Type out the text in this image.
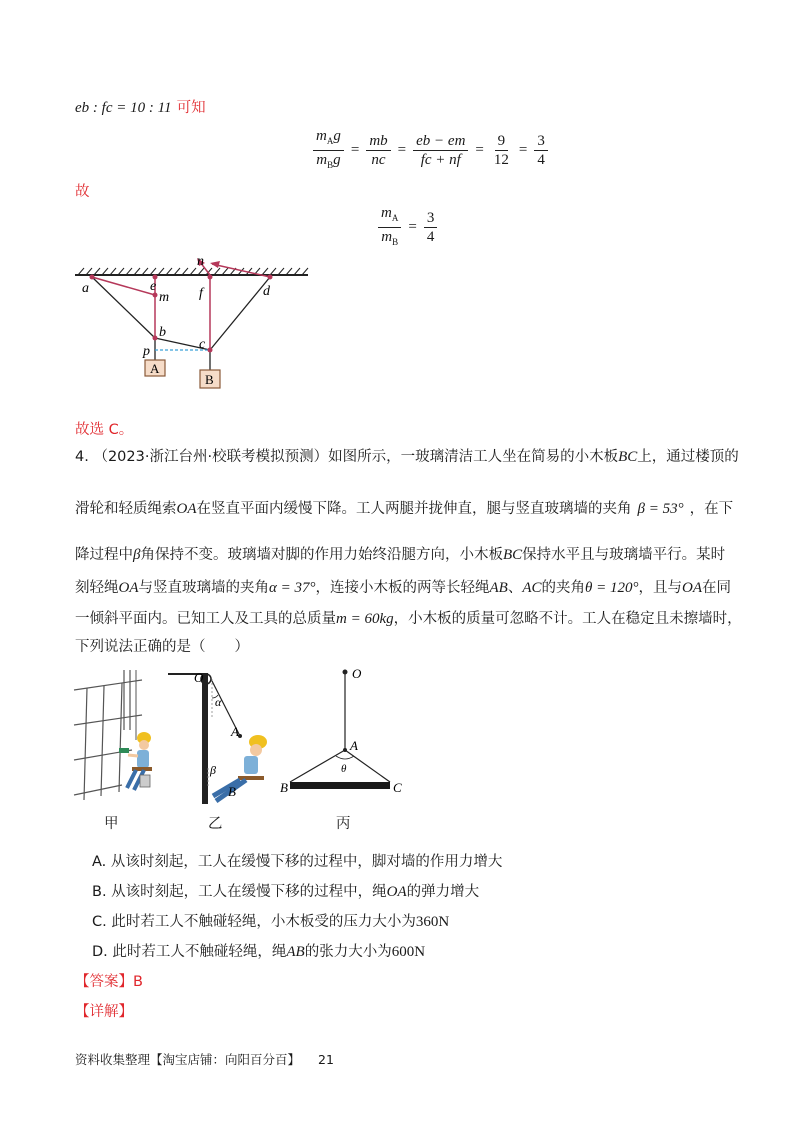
eb : fc = 10 : 11 可知
$\frac{m_Ag}{m_Bg} = \frac{mb}{nc} = \frac{eb - em}{fc + nf} = \frac{9}{12} = \frac{3}{4}$
故
$\frac{m_A}{m_B} = \frac{3}{4}$
n
a	e
m f	d
b
p	c
A
B
故选 C。
4. （2023·浙江台州·校联考模拟预测）如图所示，一玻璃清洁工人坐在简易的小木板BC上，通过楼顶的
滑轮和轻质绳索OA在竖直平面内缓慢下降。工人两腿并拢伸直，腿与竖直玻璃墙的夹角 β = 53° ，在下
降过程中β角保持不变。玻璃墙对脚的作用力始终沿腿方向，小木板BC保持水平且与玻璃墙平行。某时
刻轻绳OA与竖直玻璃墙的夹角α = 37°，连接小木板的两等长轻绳AB、AC的夹角θ = 120°，且与OA在同
一倾斜平面内。已知工人及工具的总质量m = 60kg，小木板的质量可忽略不计。工人在稳定且未擦墙时，
下列说法正确的是（　　）
甲
O
α
A
β
B
乙
O
A
θ
B	C
丙
A. 从该时刻起，工人在缓慢下移的过程中，脚对墙的作用力增大
B. 从该时刻起，工人在缓慢下移的过程中，绳OA的弹力增大
C. 此时若工人不触碰轻绳，小木板受的压力大小为360N
D. 此时若工人不触碰轻绳，绳AB的张力大小为600N
【答案】B
【详解】
资料收集整理【淘宝店铺：向阳百分百】 21
